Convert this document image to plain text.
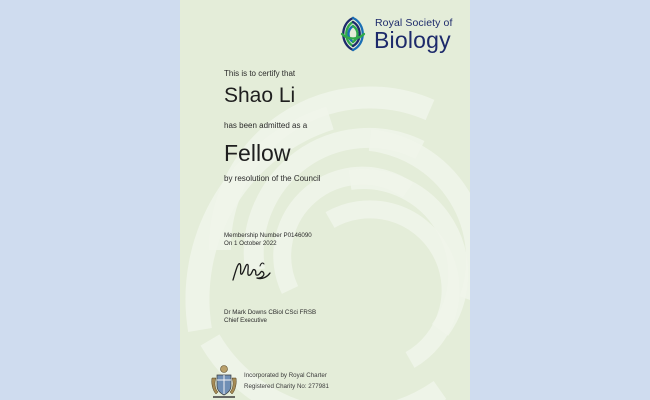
Royal Society of
Biology
This is to certify that
Shao Li
has been admitted as a
Fellow
by resolution of the Council
Membership Number P0146090
On 1 October 2022
Dr Mark Downs CBiol CSci FRSB
Chief Executive
Incorporated by Royal Charter
Registered Charity No: 277981
